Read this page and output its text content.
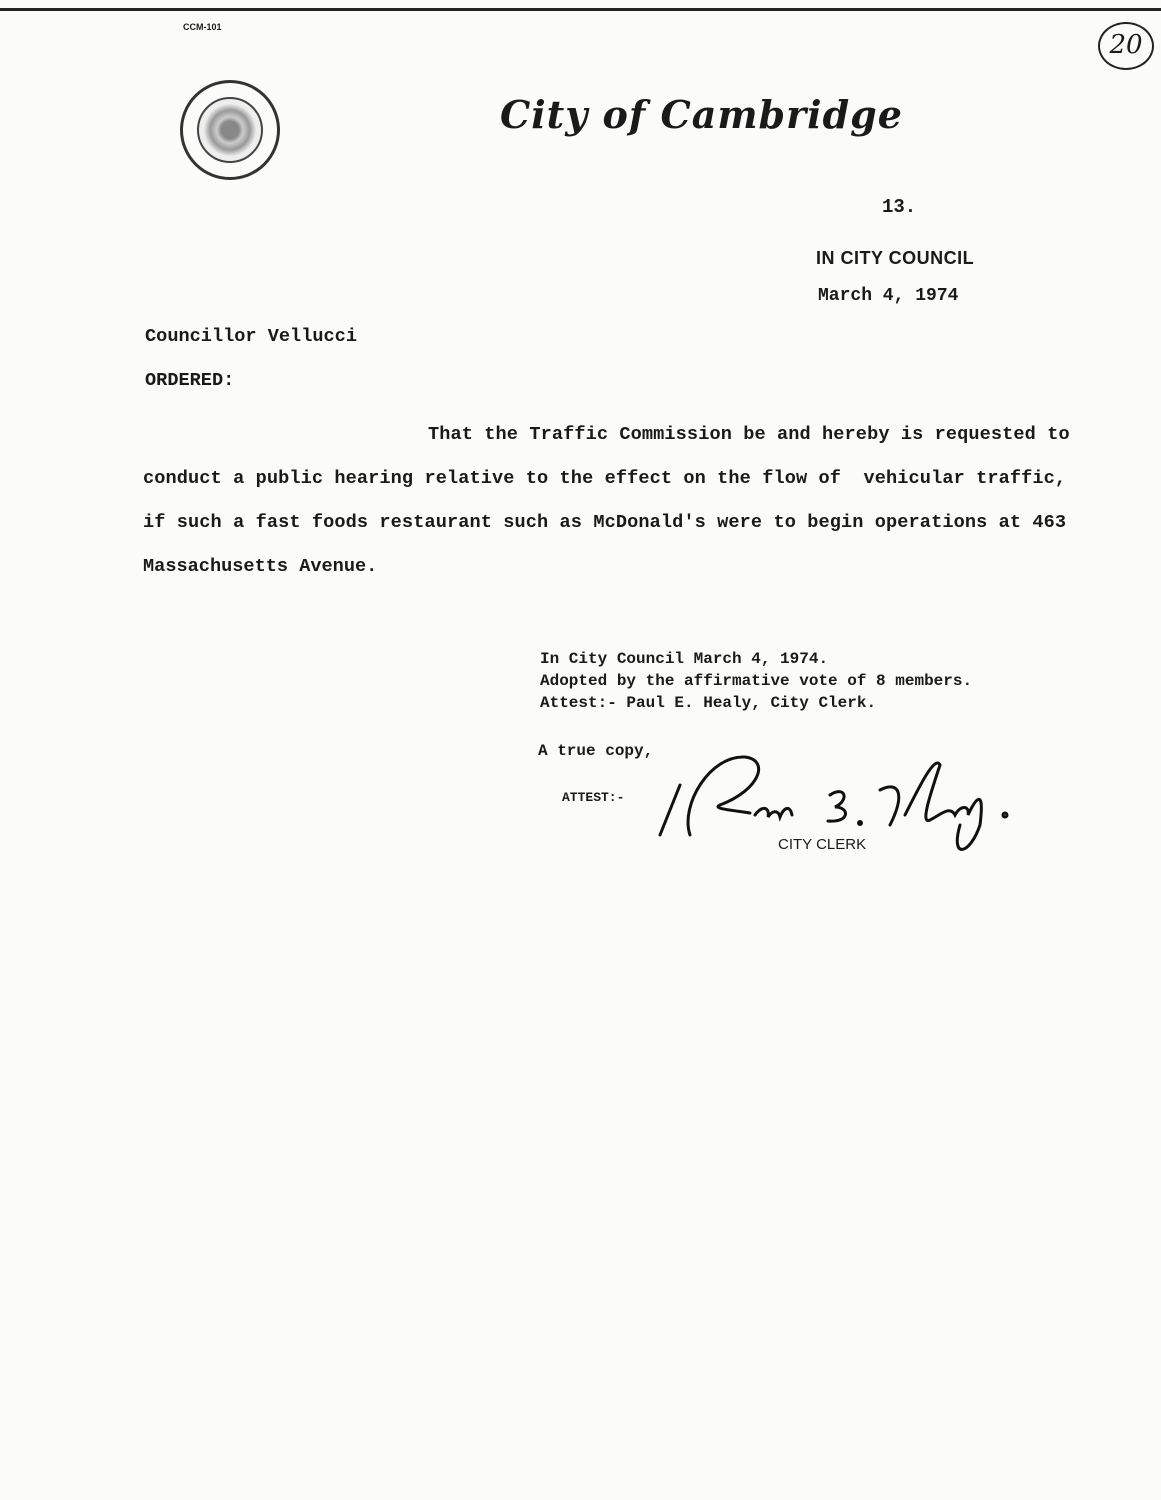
CCM-101
20
City of Cambridge
13.
IN CITY COUNCIL
March 4, 1974
Councillor Vellucci
ORDERED:
That the Traffic Commission be and hereby is requested to
conduct a public hearing relative to the effect on the flow of  vehicular traffic,
if such a fast foods restaurant such as McDonald's were to begin operations at 463
Massachusetts Avenue.
In City Council March 4, 1974.
Adopted by the affirmative vote of 8 members.
Attest:- Paul E. Healy, City Clerk.
A true copy,
ATTEST:-
CITY CLERK
